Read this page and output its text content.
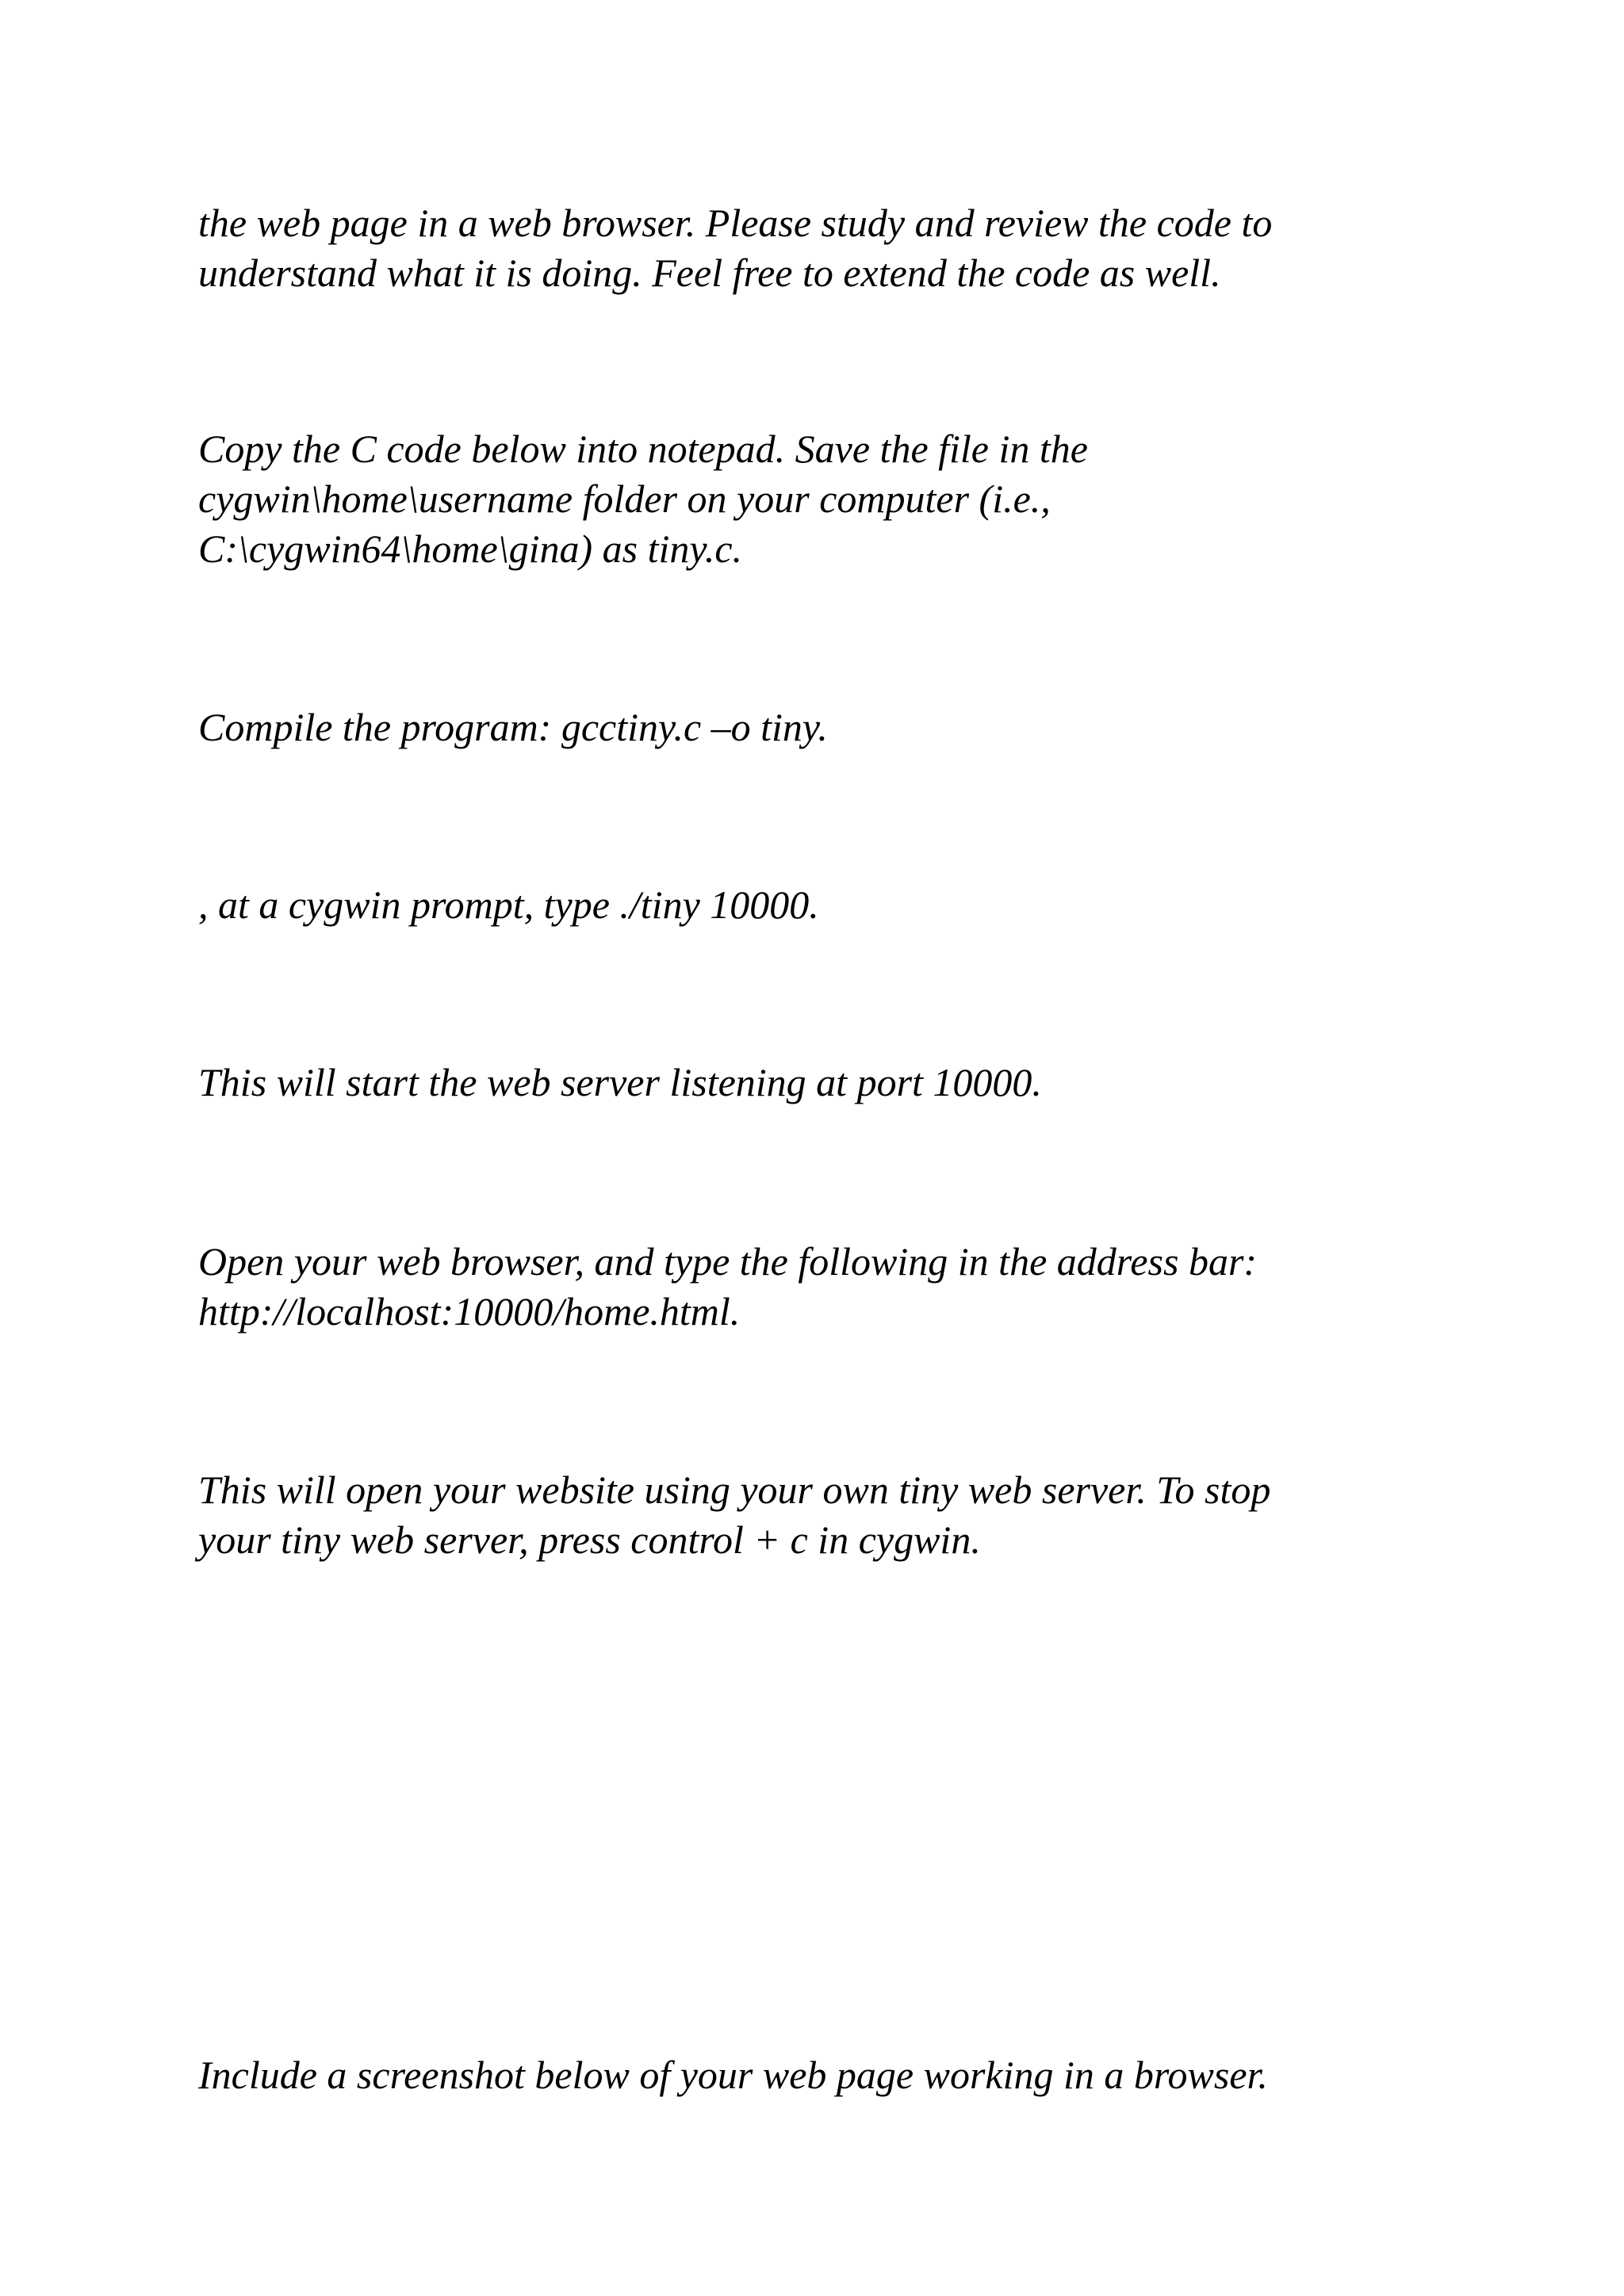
the web page in a web browser. Please study and review the code to
understand what it is doing. Feel free to extend the code as well.

Copy the C code below into notepad. Save the file in the
cygwin\home\username folder on your computer (i.e.,
C:\cygwin64\home\gina) as tiny.c.

Compile the program: gcctiny.c –o tiny.

, at a cygwin prompt, type ./tiny 10000.

This will start the web server listening at port 10000.

Open your web browser, and type the following in the address bar:
http://localhost:10000/home.html.

This will open your website using your own tiny web server. To stop
your tiny web server, press control + c in cygwin.

Include a screenshot below of your web page working in a browser.
